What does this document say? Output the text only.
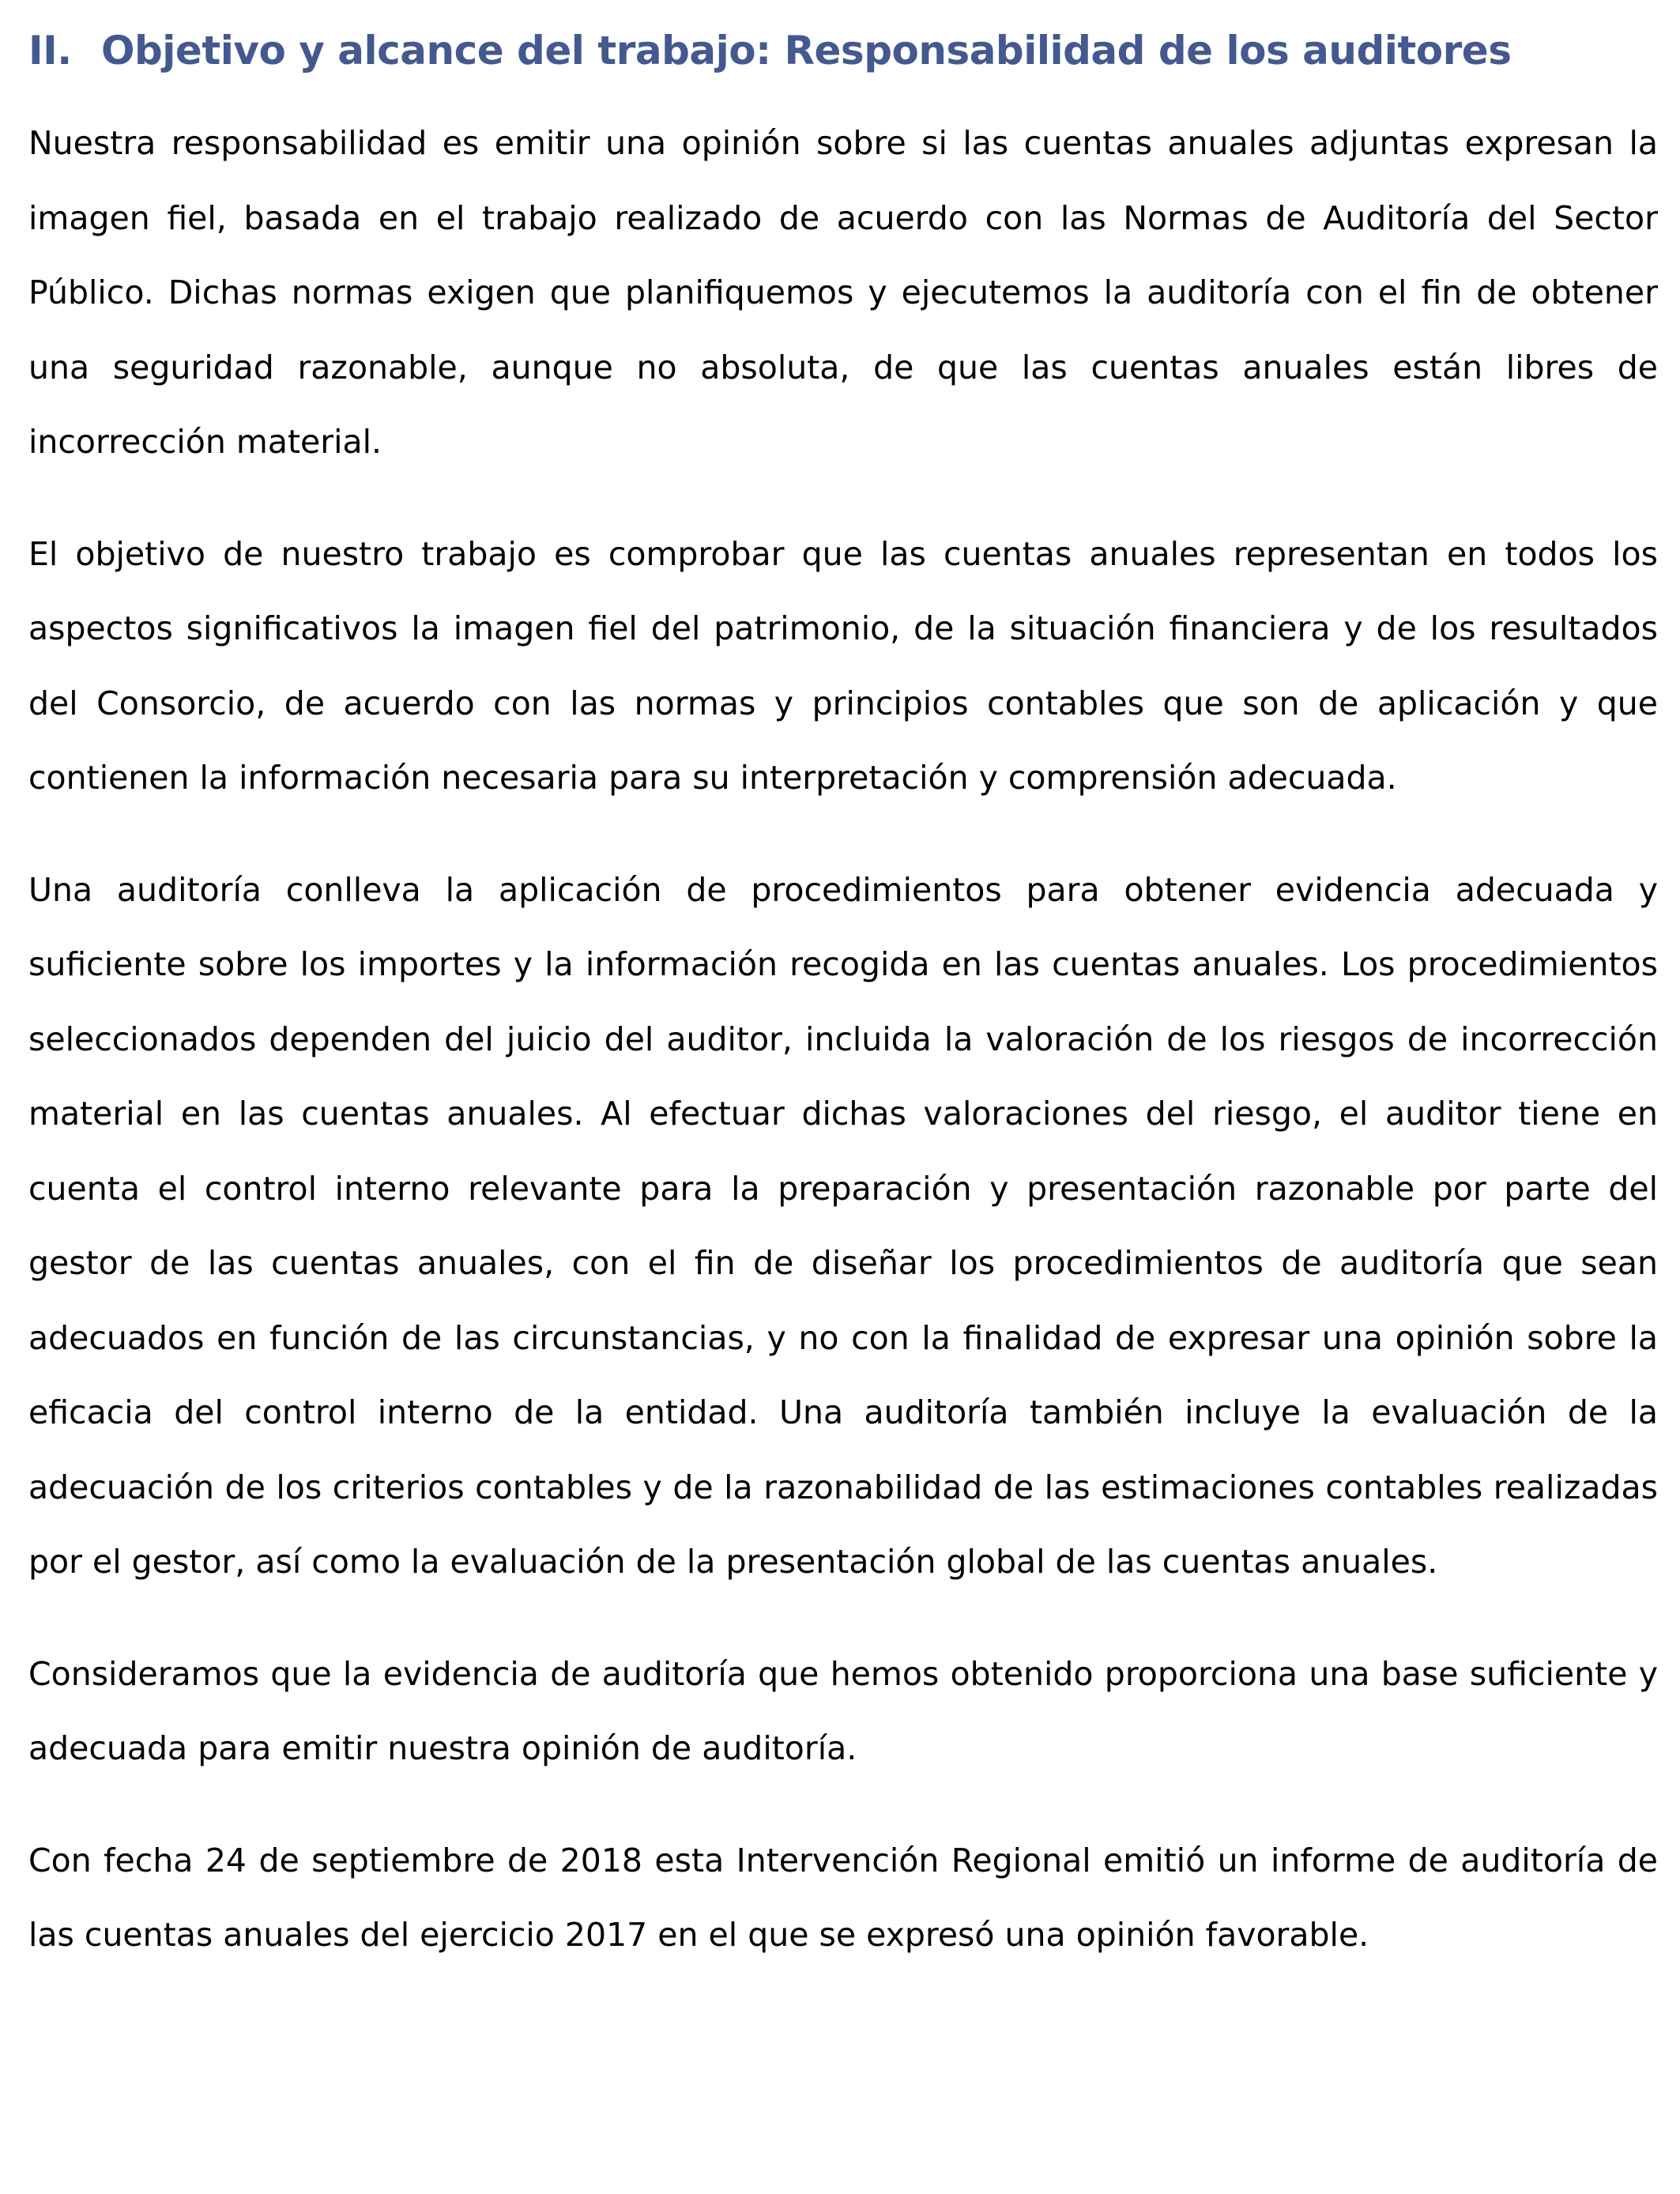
II. Objetivo y alcance del trabajo: Responsabilidad de los auditores

Nuestra responsabilidad es emitir una opinión sobre si las cuentas anuales adjuntas expresan la imagen fiel, basada en el trabajo realizado de acuerdo con las Normas de Auditoría del Sector Público. Dichas normas exigen que planifiquemos y ejecutemos la auditoría con el fin de obtener una seguridad razonable, aunque no absoluta, de que las cuentas anuales están libres de incorrección material.

El objetivo de nuestro trabajo es comprobar que las cuentas anuales representan en todos los aspectos significativos la imagen fiel del patrimonio, de la situación financiera y de los resultados del Consorcio, de acuerdo con las normas y principios contables que son de aplicación y que contienen la información necesaria para su interpretación y comprensión adecuada.

Una auditoría conlleva la aplicación de procedimientos para obtener evidencia adecuada y suficiente sobre los importes y la información recogida en las cuentas anuales. Los procedimientos seleccionados dependen del juicio del auditor, incluida la valoración de los riesgos de incorrección material en las cuentas anuales. Al efectuar dichas valoraciones del riesgo, el auditor tiene en cuenta el control interno relevante para la preparación y presentación razonable por parte del gestor de las cuentas anuales, con el fin de diseñar los procedimientos de auditoría que sean adecuados en función de las circunstancias, y no con la finalidad de expresar una opinión sobre la eficacia del control interno de la entidad. Una auditoría también incluye la evaluación de la adecuación de los criterios contables y de la razonabilidad de las estimaciones contables realizadas por el gestor, así como la evaluación de la presentación global de las cuentas anuales.

Consideramos que la evidencia de auditoría que hemos obtenido proporciona una base suficiente y adecuada para emitir nuestra opinión de auditoría.

Con fecha 24 de septiembre de 2018 esta Intervención Regional emitió un informe de auditoría de las cuentas anuales del ejercicio 2017 en el que se expresó una opinión favorable.
